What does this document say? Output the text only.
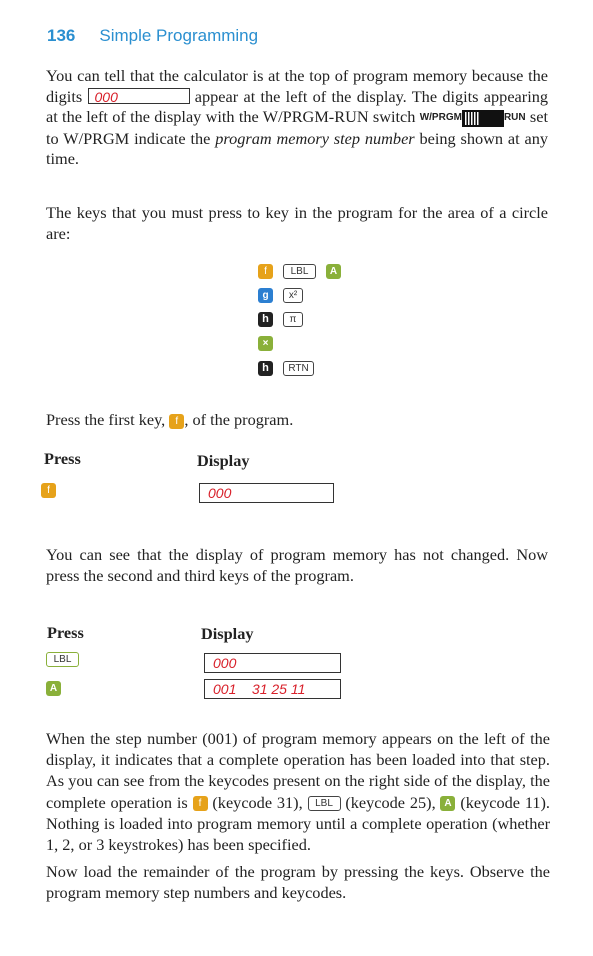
136 Simple Programming
You can tell that the calculator is at the top of program memory because the digits 000	appear at the left of the display. The digits appearing at the left of the display with the W/PRGM-RUN switch W/PRGM	RUN set to W/PRGM indicate the program memory step number being shown at any time.
The keys that you must press to key in the program for the area of a circle are:
f LBL A
g x²
h π
×
h RTN
Press the first key, f , of the program.
Press	Display
f	000
You can see that the display of program memory has not changed. Now press the second and third keys of the program.
Press	Display
LBL	000
A	001    31 25 11
When the step number (001) of program memory appears on the left of the display, it indicates that a complete operation has been loaded into that step. As you can see from the keycodes present on the right side of the display, the complete operation is f (keycode 31), LBL (keycode 25), A (keycode 11). Nothing is loaded into program memory until a complete operation (whether 1, 2, or 3 keystrokes) has been specified.
Now load the remainder of the program by pressing the keys. Observe the program memory step numbers and keycodes.
